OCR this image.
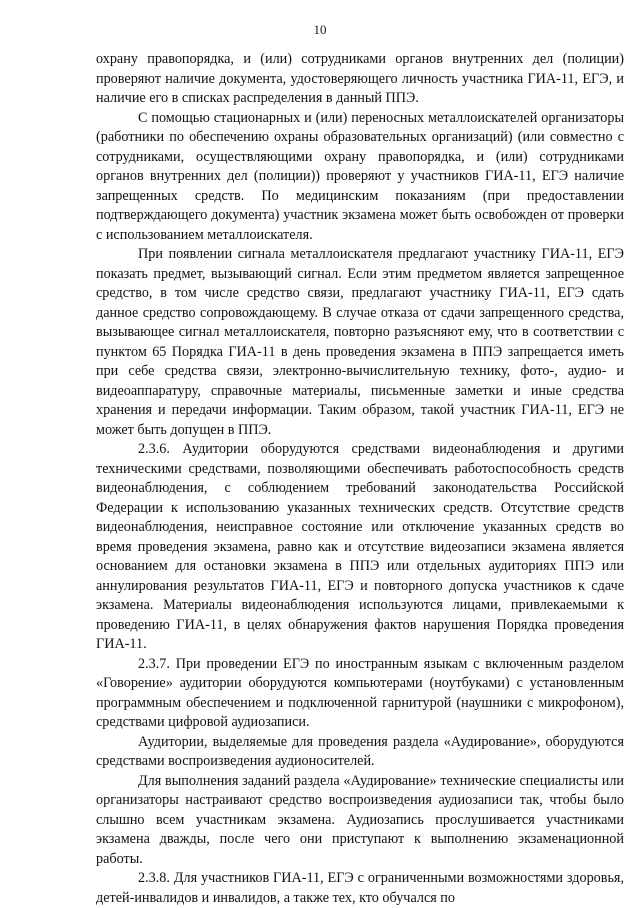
10

охрану правопорядка, и (или) сотрудниками органов внутренних дел (полиции) проверяют наличие документа, удостоверяющего личность участника ГИА-11, ЕГЭ, и наличие его в списках распределения в данный ППЭ.

С помощью стационарных и (или) переносных металлоискателей организаторы (работники по обеспечению охраны образовательных организаций) (или совместно с сотрудниками, осуществляющими охрану правопорядка, и (или) сотрудниками органов внутренних дел (полиции)) проверяют у участников ГИА-11, ЕГЭ наличие запрещенных средств. По медицинским показаниям (при предоставлении подтверждающего документа) участник экзамена может быть освобожден от проверки с использованием металлоискателя.

При появлении сигнала металлоискателя предлагают участнику ГИА-11, ЕГЭ показать предмет, вызывающий сигнал. Если этим предметом является запрещенное средство, в том числе средство связи, предлагают участнику ГИА-11, ЕГЭ сдать данное средство сопровождающему. В случае отказа от сдачи запрещенного средства, вызывающее сигнал металлоискателя, повторно разъясняют ему, что в соответствии с пунктом 65 Порядка ГИА-11 в день проведения экзамена в ППЭ запрещается иметь при себе средства связи, электронно-вычислительную технику, фото-, аудио- и видеоаппаратуру, справочные материалы, письменные заметки и иные средства хранения и передачи информации. Таким образом, такой участник ГИА-11, ЕГЭ не может быть допущен в ППЭ.

2.3.6. Аудитории оборудуются средствами видеонаблюдения и другими техническими средствами, позволяющими обеспечивать работоспособность средств видеонаблюдения, с соблюдением требований законодательства Российской Федерации к использованию указанных технических средств. Отсутствие средств видеонаблюдения, неисправное состояние или отключение указанных средств во время проведения экзамена, равно как и отсутствие видеозаписи экзамена является основанием для остановки экзамена в ППЭ или отдельных аудиториях ППЭ или аннулирования результатов ГИА-11, ЕГЭ и повторного допуска участников к сдаче экзамена. Материалы видеонаблюдения используются лицами, привлекаемыми к проведению ГИА-11, в целях обнаружения фактов нарушения Порядка проведения ГИА-11.

2.3.7. При проведении ЕГЭ по иностранным языкам с включенным разделом «Говорение» аудитории оборудуются компьютерами (ноутбуками) с установленным программным обеспечением и подключенной гарнитурой (наушники с микрофоном), средствами цифровой аудиозаписи.

Аудитории, выделяемые для проведения раздела «Аудирование», оборудуются средствами воспроизведения аудионосителей.

Для выполнения заданий раздела «Аудирование» технические специалисты или организаторы настраивают средство воспроизведения аудиозаписи так, чтобы было слышно всем участникам экзамена. Аудиозапись прослушивается участниками экзамена дважды, после чего они приступают к выполнению экзаменационной работы.

2.3.8. Для участников ГИА-11, ЕГЭ с ограниченными возможностями здоровья, детей-инвалидов и инвалидов, а также тех, кто обучался по
